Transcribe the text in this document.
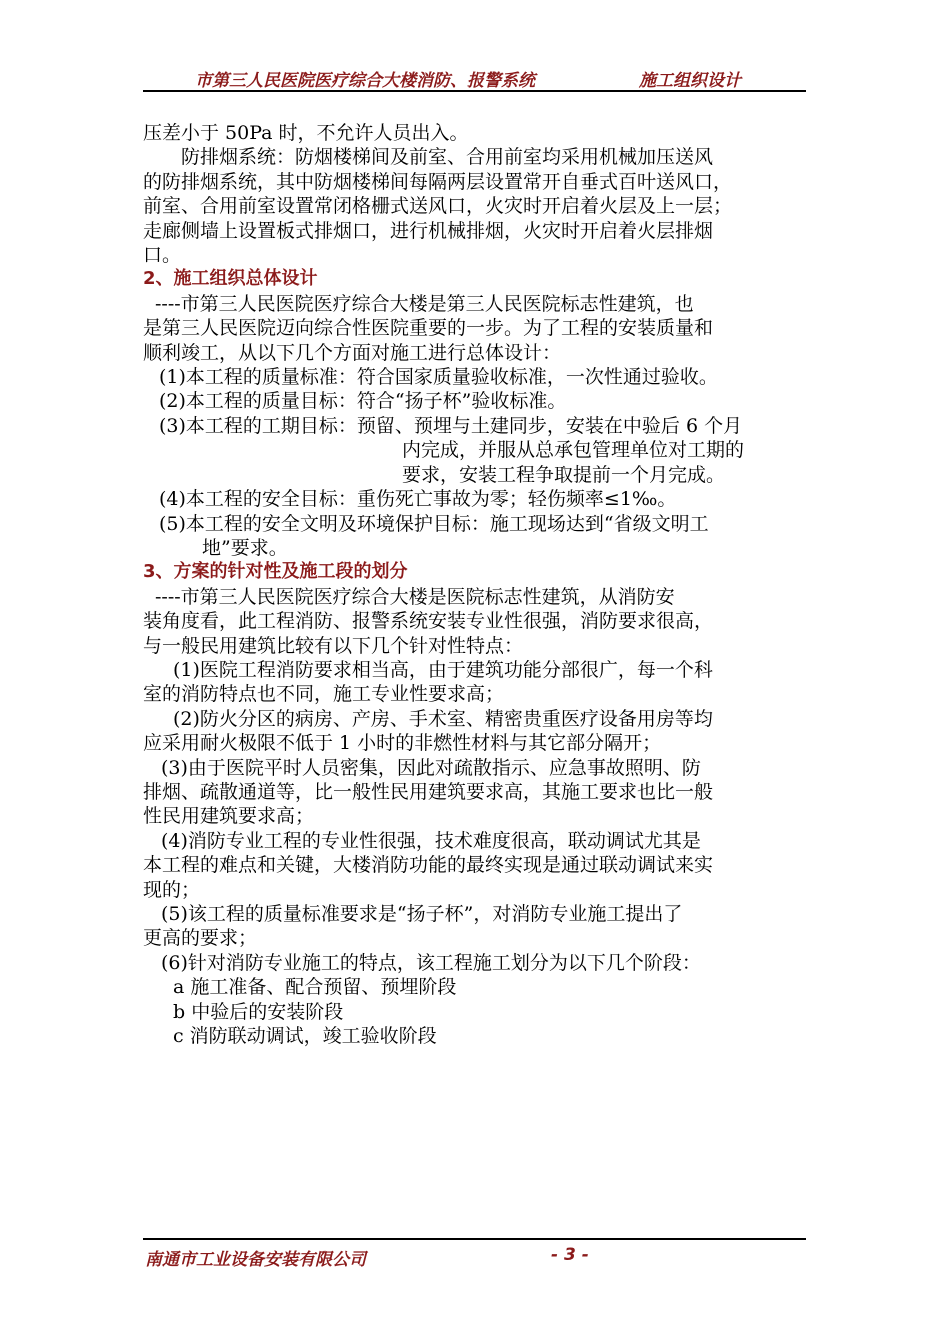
市第三人民医院医疗综合大楼消防、报警系统	施工组织设计

压差小于 50Pa 时，不允许人员出入。

防排烟系统：防烟楼梯间及前室、合用前室均采用机械加压送风

的防排烟系统，其中防烟楼梯间每隔两层设置常开自垂式百叶送风口，

前室、合用前室设置常闭格栅式送风口，火灾时开启着火层及上一层；

走廊侧墙上设置板式排烟口，进行机械排烟，火灾时开启着火层排烟

口。

2、施工组织总体设计

----市第三人民医院医疗综合大楼是第三人民医院标志性建筑，也

是第三人民医院迈向综合性医院重要的一步。为了工程的安装质量和

顺利竣工，从以下几个方面对施工进行总体设计：

(1)本工程的质量标准：符合国家质量验收标准，一次性通过验收。

(2)本工程的质量目标：符合“扬子杯”验收标准。

(3)本工程的工期目标：预留、预埋与土建同步，安装在中验后 6 个月

内完成，并服从总承包管理单位对工期的

要求，安装工程争取提前一个月完成。

(4)本工程的安全目标：重伤死亡事故为零；轻伤频率≤1‰。

(5)本工程的安全文明及环境保护目标：施工现场达到“省级文明工

地”要求。

3、方案的针对性及施工段的划分

----市第三人民医院医疗综合大楼是医院标志性建筑，从消防安

装角度看，此工程消防、报警系统安装专业性很强，消防要求很高，

与一般民用建筑比较有以下几个针对性特点：

(1)医院工程消防要求相当高，由于建筑功能分部很广，每一个科

室的消防特点也不同，施工专业性要求高；

(2)防火分区的病房、产房、手术室、精密贵重医疗设备用房等均

应采用耐火极限不低于 1 小时的非燃性材料与其它部分隔开；

(3)由于医院平时人员密集，因此对疏散指示、应急事故照明、防

排烟、疏散通道等，比一般性民用建筑要求高，其施工要求也比一般

性民用建筑要求高；

(4)消防专业工程的专业性很强，技术难度很高，联动调试尤其是

本工程的难点和关键，大楼消防功能的最终实现是通过联动调试来实

现的；

(5)该工程的质量标准要求是“扬子杯”，对消防专业施工提出了

更高的要求；

(6)针对消防专业施工的特点，该工程施工划分为以下几个阶段：

a 施工准备、配合预留、预埋阶段

b 中验后的安装阶段

c 消防联动调试，竣工验收阶段

南通市工业设备安装有限公司	- 3 -
